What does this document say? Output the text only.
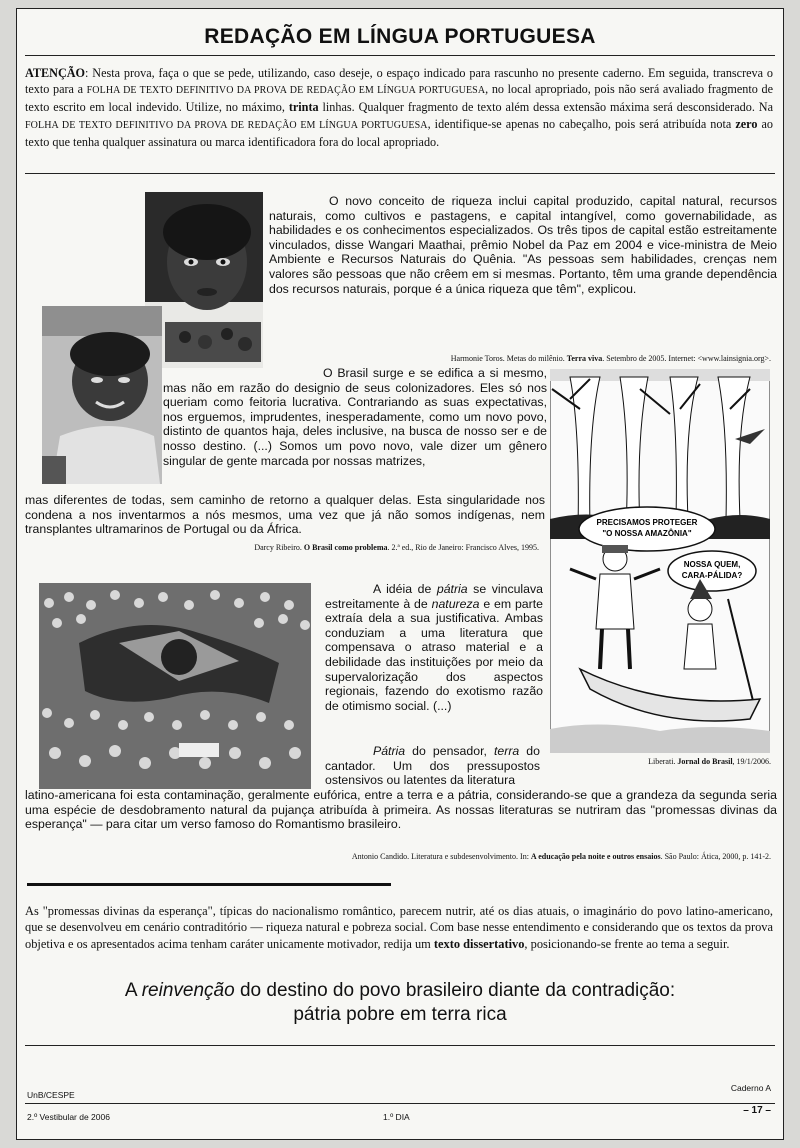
REDAÇÃO EM LÍNGUA PORTUGUESA
ATENÇÃO: Nesta prova, faça o que se pede, utilizando, caso deseje, o espaço indicado para rascunho no presente caderno. Em seguida, transcreva o texto para a FOLHA DE TEXTO DEFINITIVO DA PROVA DE REDAÇÃO EM LÍNGUA PORTUGUESA, no local apropriado, pois não será avaliado fragmento de texto escrito em local indevido. Utilize, no máximo, trinta linhas. Qualquer fragmento de texto além dessa extensão máxima será desconsiderado. Na FOLHA DE TEXTO DEFINITIVO DA PROVA DE REDAÇÃO EM LÍNGUA PORTUGUESA, identifique-se apenas no cabeçalho, pois será atribuída nota zero ao texto que tenha qualquer assinatura ou marca identificadora fora do local apropriado.

O novo conceito de riqueza inclui capital produzido, capital natural, recursos naturais, como cultivos e pastagens, e capital intangível, como governabilidade, as habilidades e os conhecimentos especializados. Os três tipos de capital estão estreitamente vinculados, disse Wangari Maathai, prêmio Nobel da Paz em 2004 e vice-ministra de Meio Ambiente e Recursos Naturais do Quênia. "As pessoas sem habilidades, crenças nem valores são pessoas que não crêem em si mesmas. Portanto, têm uma grande dependência dos recursos naturais, porque é a única riqueza que têm", explicou.

Harmonie Toros. Metas do milênio. Terra viva. Setembro de 2005. Internet: <www.lainsignia.org>.

O Brasil surge e se edifica a si mesmo, mas não em razão do designio de seus colonizadores. Eles só nos queriam como feitoria lucrativa. Contrariando as suas expectativas, nos erguemos, imprudentes, inesperadamente, como um novo povo, distinto de quantos haja, deles inclusive, na busca de nosso ser e de nosso destino. (...) Somos um povo novo, vale dizer um gênero singular de gente marcada por nossas matrizes,

mas diferentes de todas, sem caminho de retorno a qualquer delas. Esta singularidade nos condena a nos inventarmos a nós mesmos, uma vez que já não somos indígenas, nem transplantes ultramarinos de Portugal ou da África.

Darcy Ribeiro. O Brasil como problema. 2.ª ed., Rio de Janeiro: Francisco Alves, 1995.
PRECISAMOS PROTEGER
"O NOSSA AMAZÔNIA"
NOSSA QUEM,
CARA-PÁLIDA?
Liberati. Jornal do Brasil, 19/1/2006.

A idéia de pátria se vinculava estreitamente à de natureza e em parte extraía dela a sua justificativa. Ambas conduziam a uma literatura que compensava o atraso material e a debilidade das instituições por meio da supervalorização dos aspectos regionais, fazendo do exotismo razão de otimismo social. (...)

Pátria do pensador, terra do cantador. Um dos pressupostos ostensivos ou latentes da literatura

latino-americana foi esta contaminação, geralmente eufórica, entre a terra e a pátria, considerando-se que a grandeza da segunda seria uma espécie de desdobramento natural da pujança atribuída à primeira. As nossas literaturas se nutriram das "promessas divinas da esperança" — para citar um verso famoso do Romantismo brasileiro.

Antonio Candido. Literatura e subdesenvolvimento. In: A educação pela noite e outros ensaios. São Paulo: Ática, 2000, p. 141-2.
As "promessas divinas da esperança", típicas do nacionalismo romântico, parecem nutrir, até os dias atuais, o imaginário do povo latino-americano, que se desenvolveu em cenário contraditório — riqueza natural e pobreza social. Com base nesse entendimento e considerando que os textos da prova objetiva e os apresentados acima tenham caráter unicamente motivador, redija um texto dissertativo, posicionando-se frente ao tema a seguir.
A reinvenção do destino do povo brasileiro diante da contradição:
pátria pobre em terra rica
UnB/CESPE
Caderno A
2.º Vestibular de 2006	1.º DIA
– 17 –
